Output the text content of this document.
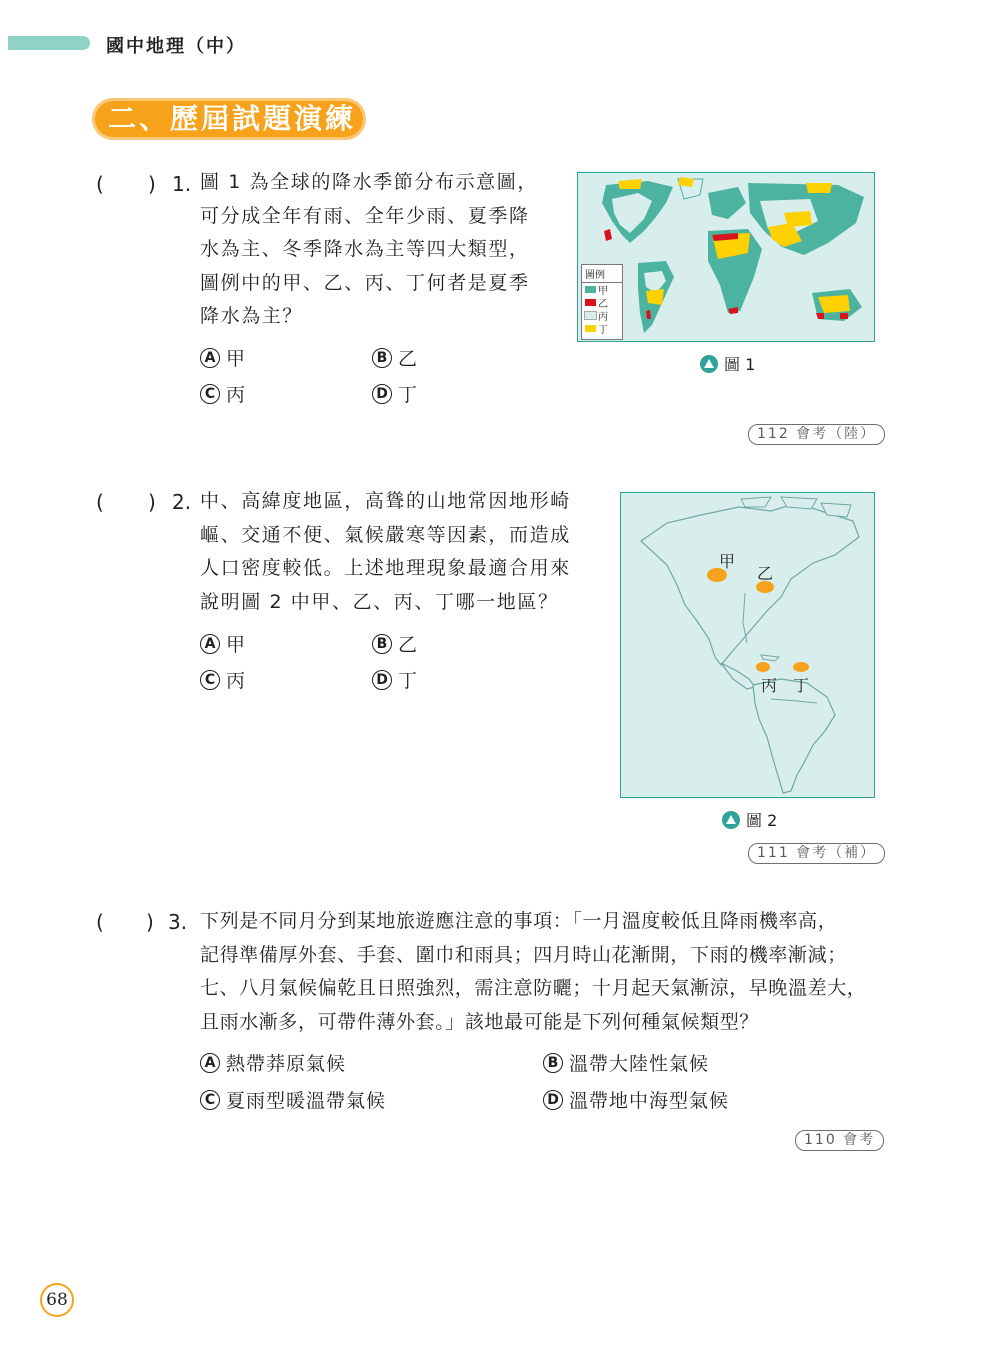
國中地理（中）
二、歷屆試題演練
( ) 1. 圖 1 為全球的降水季節分布示意圖，
可分成全年有雨、全年少雨、夏季降
水為主、冬季降水為主等四大類型，
圖例中的甲、乙、丙、丁何者是夏季
降水為主？
A 甲	B 乙
C 丙	D 丁
圖例
甲
乙
丙
丁
圖 1
112 會考（陸）
( ) 2. 中、高緯度地區，高聳的山地常因地形崎
嶇、交通不便、氣候嚴寒等因素，而造成
人口密度較低。上述地理現象最適合用來
說明圖 2 中甲、乙、丙、丁哪一地區？
A 甲	B 乙
C 丙	D 丁
甲
乙
丙 丁
圖 2
111 會考（補）
( ) 3. 下列是不同月分到某地旅遊應注意的事項：「一月溫度較低且降雨機率高，
記得準備厚外套、手套、圍巾和雨具；四月時山花漸開，下雨的機率漸減；
七、八月氣候偏乾且日照強烈，需注意防曬；十月起天氣漸涼，早晚溫差大，
且雨水漸多，可帶件薄外套。」該地最可能是下列何種氣候類型？
A 熱帶莽原氣候	B 溫帶大陸性氣候
C 夏雨型暖溫帶氣候	D 溫帶地中海型氣候
110 會考
68
